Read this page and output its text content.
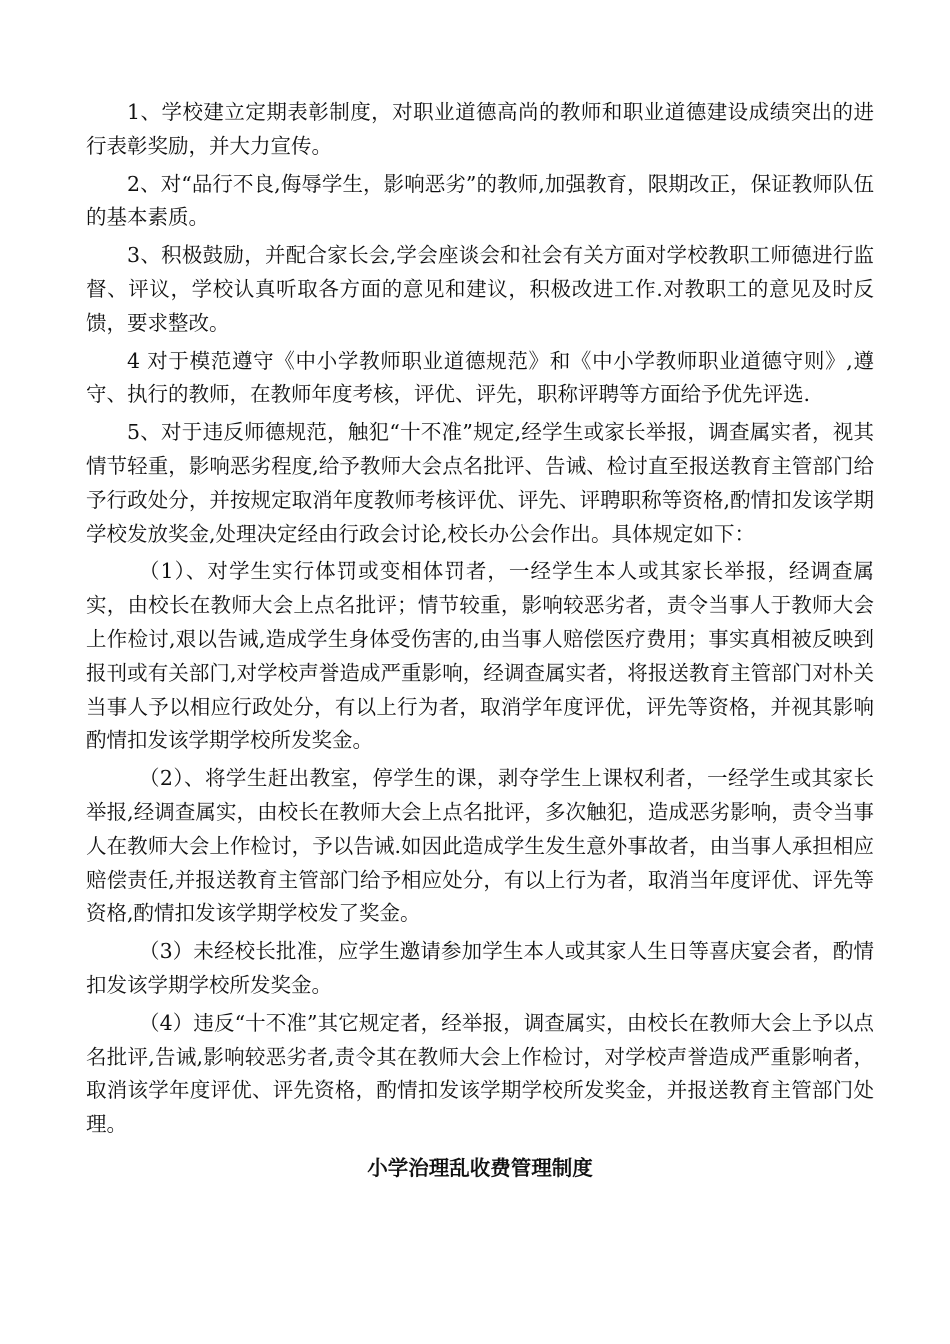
1、学校建立定期表彰制度，对职业道德高尚的教师和职业道德建设成绩突出的进行表彰奖励，并大力宣传。

2、对“品行不良,侮辱学生，影响恶劣”的教师,加强教育，限期改正，保证教师队伍的基本素质。

3、积极鼓励，并配合家长会,学会座谈会和社会有关方面对学校教职工师德进行监督、评议，学校认真听取各方面的意见和建议，积极改进工作.对教职工的意见及时反馈，要求整改。

4 对于模范遵守《中小学教师职业道德规范》和《中小学教师职业道德守则》,遵守、执行的教师，在教师年度考核，评优、评先，职称评聘等方面给予优先评选.

5、对于违反师德规范，触犯“十不准”规定,经学生或家长举报，调查属实者，视其情节轻重，影响恶劣程度,给予教师大会点名批评、告诫、检讨直至报送教育主管部门给予行政处分，并按规定取消年度教师考核评优、评先、评聘职称等资格,酌情扣发该学期学校发放奖金,处理决定经由行政会讨论,校长办公会作出。具体规定如下：

（1）、对学生实行体罚或变相体罚者，一经学生本人或其家长举报，经调查属实，由校长在教师大会上点名批评；情节较重，影响较恶劣者，责令当事人于教师大会上作检讨,艰以告诫,造成学生身体受伤害的,由当事人赔偿医疗费用；事实真相被反映到报刊或有关部门,对学校声誉造成严重影响，经调查属实者，将报送教育主管部门对朴关当事人予以相应行政处分，有以上行为者，取消学年度评优，评先等资格，并视其影响酌情扣发该学期学校所发奖金。

（2）、将学生赶出教室，停学生的课，剥夺学生上课权利者，一经学生或其家长举报,经调查属实，由校长在教师大会上点名批评，多次触犯，造成恶劣影响，责令当事人在教师大会上作检讨，予以告诫.如因此造成学生发生意外事故者，由当事人承担相应赔偿责任,并报送教育主管部门给予相应处分，有以上行为者，取消当年度评优、评先等资格,酌情扣发该学期学校发了奖金。

（3）未经校长批准，应学生邀请参加学生本人或其家人生日等喜庆宴会者，酌情扣发该学期学校所发奖金。

（4）违反“十不准”其它规定者，经举报，调查属实，由校长在教师大会上予以点名批评,告诫,影响较恶劣者,责令其在教师大会上作检讨，对学校声誉造成严重影响者，取消该学年度评优、评先资格，酌情扣发该学期学校所发奖金，并报送教育主管部门处理。

小学治理乱收费管理制度
